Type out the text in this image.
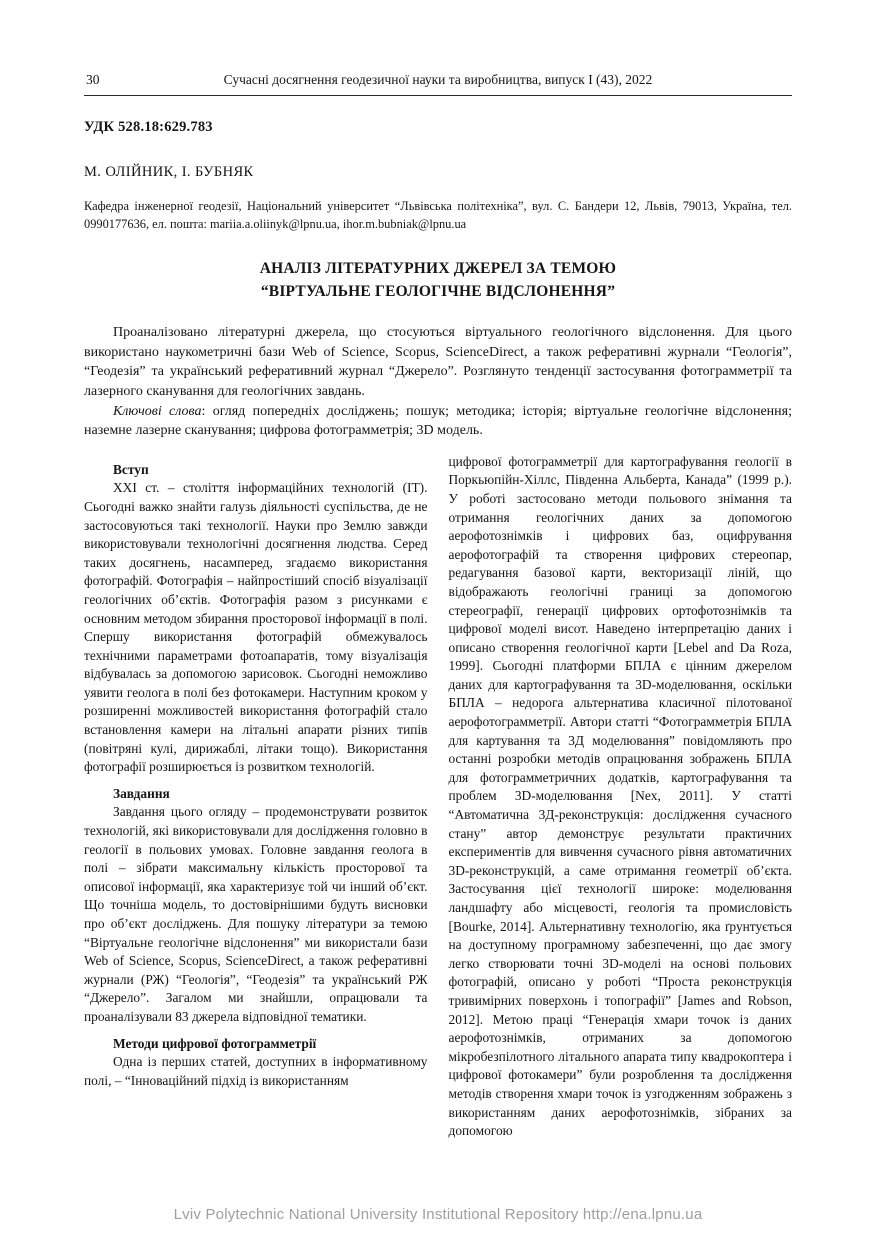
30	Сучасні досягнення геодезичної науки та виробництва, випуск I (43), 2022
УДК 528.18:629.783
М. ОЛІЙНИК, І. БУБНЯК

Кафедра інженерної геодезії, Національний університет “Львівська політехніка”, вул. С. Бандери 12, Львів, 79013, Україна, тел. 0990177636, ел. пошта: mariia.a.oliinyk@lpnu.ua, ihor.m.bubniak@lpnu.ua

АНАЛІЗ ЛІТЕРАТУРНИХ ДЖЕРЕЛ ЗА ТЕМОЮ
“ВІРТУАЛЬНЕ ГЕОЛОГІЧНЕ ВІДСЛОНЕННЯ”

Проаналізовано літературні джерела, що стосуються віртуального геологічного відслонення. Для цього використано наукометричні бази Web of Science, Scopus, ScienceDirect, а також реферативні журнали “Геологія”, “Геодезія” та український реферативний журнал “Джерело”. Розглянуто тенденції застосування фотограмметрії та лазерного сканування для геологічних завдань.

Ключові слова: огляд попередніх досліджень; пошук; методика; історія; віртуальне геологічне відслонення; наземне лазерне сканування; цифрова фотограмметрія; 3D модель.

Вступ

ХХІ ст. – століття інформаційних технологій (ІТ). Сьогодні важко знайти галузь діяльності суспільства, де не застосовуються такі технології. Науки про Землю завжди використовували технологічні досягнення людства. Серед таких досягнень, насамперед, згадаємо використання фотографій. Фотографія – найпростіший спосіб візуалізації геологічних об’єктів. Фотографія разом з рисунками є основним методом збирання просторової інформації в полі. Спершу використання фотографій обмежувалось технічними параметрами фотоапаратів, тому візуалізація відбувалась за допомогою зарисовок. Сьогодні неможливо уявити геолога в полі без фотокамери. Наступним кроком у розширенні можливостей використання фотографій стало встановлення камери на літальні апарати різних типів (повітряні кулі, дирижаблі, літаки тощо). Використання фотографії розширюється із розвитком технологій.

Завдання

Завдання цього огляду – продемонструвати розвиток технологій, які використовували для дослідження головно в геології в польових умовах. Головне завдання геолога в полі – зібрати максимальну кількість просторової та описової інформації, яка характеризує той чи інший об’єкт. Що точніша модель, то достовірнішими будуть висновки про об’єкт досліджень. Для пошуку літератури за темою “Віртуальне геологічне відслонення” ми використали бази Web of Science, Scopus, ScienceDirect, а також реферативні журнали (РЖ) “Геологія”, “Геодезія” та український РЖ “Джерело”. Загалом ми знайшли, опрацювали та проаналізували 83 джерела відповідної тематики.

Методи цифрової фотограмметрії

Одна із перших статей, доступних в інформативному полі, – “Інноваційний підхід із використанням

цифрової фотограмметрії для картографування геології в Поркьюпійн-Хіллс, Південна Альберта, Канада” (1999 р.). У роботі застосовано методи польового знімання та отримання геологічних даних за допомогою аерофотознімків і цифрових баз, оцифрування аерофотографій та створення цифрових стереопар, редагування базової карти, векторизації ліній, що відображають геологічні границі за допомогою стереографії, генерації цифрових ортофотознімків та цифрової моделі висот. Наведено інтерпретацію даних і описано створення геологічної карти [Lebel and Da Roza, 1999]. Сьогодні платформи БПЛА є цінним джерелом даних для картографування та 3D-моделювання, оскільки БПЛА – недорога альтернатива класичної пілотованої аерофотограмметрії. Автори статті “Фотограмметрія БПЛА для картування та 3Д моделювання” повідомляють про останні розробки методів опрацювання зображень БПЛА для фотограмметричних додатків, картографування та проблем 3D-моделювання [Nex, 2011]. У статті “Автоматична 3Д-реконструкція: дослідження сучасного стану” автор демонструє результати практичних експериментів для вивчення сучасного рівня автоматичних 3D-реконструкцій, а саме отримання геометрії об’єкта. Застосування цієї технології широке: моделювання ландшафту або місцевості, геологія та промисловість [Bourke, 2014]. Альтернативну технологію, яка ґрунтується на доступному програмному забезпеченні, що дає змогу легко створювати точні 3D-моделі на основі польових фотографій, описано у роботі “Проста реконструкція тривимірних поверхонь і топографії” [James and Robson, 2012]. Метою праці “Генерація хмари точок із даних аерофотознімків, отриманих за допомогою мікробезпілотного літального апарата типу квадрокоптера і цифрової фотокамери” були розроблення та дослідження методів створення хмари точок із узгодженням зображень з використанням даних аерофотознімків, зібраних за допомогою

Lviv Polytechnic National University Institutional Repository http://ena.lpnu.ua
